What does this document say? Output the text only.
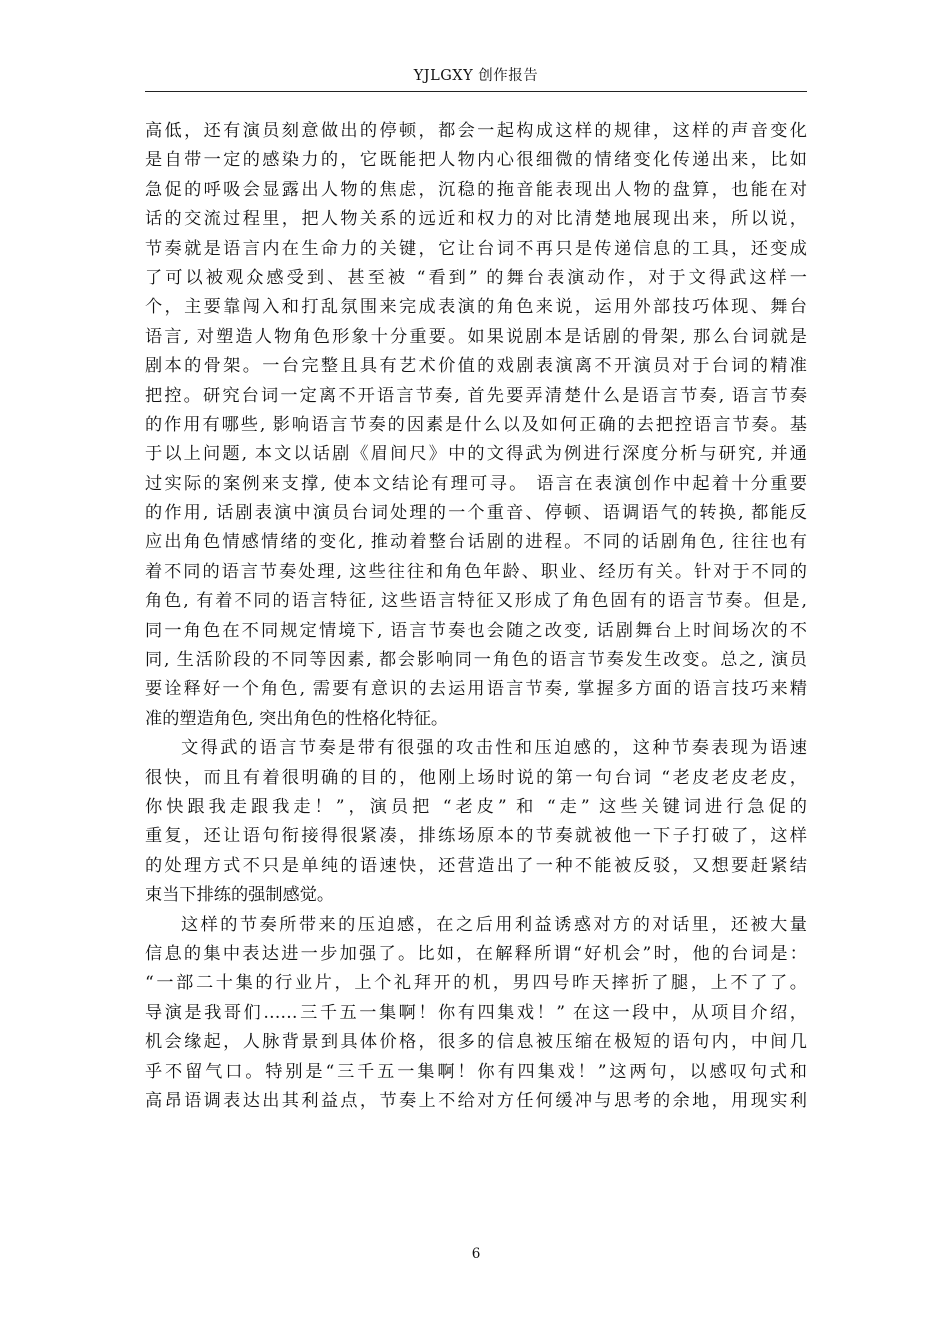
YJLGXY 创作报告
高低，还有演员刻意做出的停顿，都会一起构成这样的规律，这样的声音变化
是自带一定的感染力的，它既能把人物内心很细微的情绪变化传递出来，比如
急促的呼吸会显露出人物的焦虑，沉稳的拖音能表现出人物的盘算，也能在对
话的交流过程里，把人物关系的远近和权力的对比清楚地展现出来，所以说，
节奏就是语言内在生命力的关键，它让台词不再只是传递信息的工具，还变成
了可以被观众感受到、甚至被 “看到” 的舞台表演动作，对于文得武这样一
个，主要靠闯入和打乱氛围来完成表演的角色来说，运用外部技巧体现、舞台
语言, 对塑造人物角色形象十分重要。如果说剧本是话剧的骨架, 那么台词就是
剧本的骨架。一台完整且具有艺术价值的戏剧表演离不开演员对于台词的精准
把控。研究台词一定离不开语言节奏, 首先要弄清楚什么是语言节奏, 语言节奏
的作用有哪些, 影响语言节奏的因素是什么以及如何正确的去把控语言节奏。基
于以上问题, 本文以话剧《眉间尺》中的文得武为例进行深度分析与研究, 并通
过实际的案例来支撑, 使本文结论有理可寻。 语言在表演创作中起着十分重要
的作用, 话剧表演中演员台词处理的一个重音、停顿、语调语气的转换, 都能反
应出角色情感情绪的变化, 推动着整台话剧的进程。不同的话剧角色, 往往也有
着不同的语言节奏处理, 这些往往和角色年龄、职业、经历有关。针对于不同的
角色, 有着不同的语言特征, 这些语言特征又形成了角色固有的语言节奏。但是,
同一角色在不同规定情境下, 语言节奏也会随之改变, 话剧舞台上时间场次的不
同, 生活阶段的不同等因素, 都会影响同一角色的语言节奏发生改变。总之, 演员
要诠释好一个角色, 需要有意识的去运用语言节奏, 掌握多方面的语言技巧来精
准的塑造角色, 突出角色的性格化特征。
文得武的语言节奏是带有很强的攻击性和压迫感的，这种节奏表现为语速
很快，而且有着很明确的目的，他刚上场时说的第一句台词 “老皮老皮老皮，
你快跟我走跟我走！”，演员把 “老皮” 和 “走” 这些关键词进行急促的
重复，还让语句衔接得很紧凑，排练场原本的节奏就被他一下子打破了，这样
的处理方式不只是单纯的语速快，还营造出了一种不能被反驳，又想要赶紧结
束当下排练的强制感觉。
这样的节奏所带来的压迫感，在之后用利益诱惑对方的对话里，还被大量
信息的集中表达进一步加强了。比如，在解释所谓“好机会”时，他的台词是：
“一部二十集的行业片，上个礼拜开的机，男四号昨天摔折了腿，上不了了。
导演是我哥们……三千五一集啊！你有四集戏！” 在这一段中，从项目介绍，
机会缘起，人脉背景到具体价格，很多的信息被压缩在极短的语句内，中间几
乎不留气口。特别是“三千五一集啊！你有四集戏！”这两句，以感叹句式和
高昂语调表达出其利益点，节奏上不给对方任何缓冲与思考的余地，用现实利
6
